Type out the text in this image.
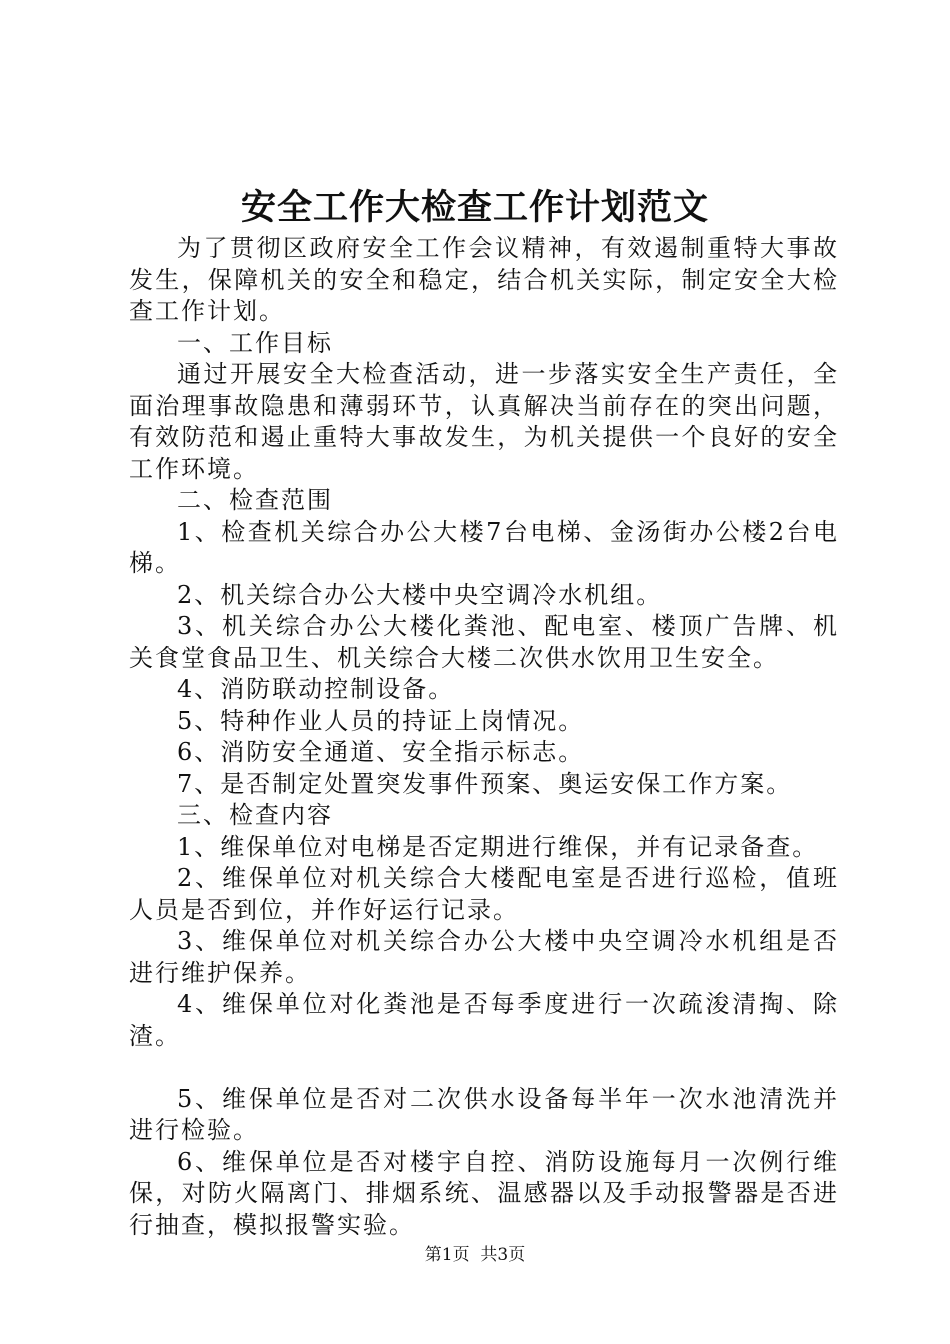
安全工作大检查工作计划范文

为了贯彻区政府安全工作会议精神，有效遏制重特大事故发生，保障机关的安全和稳定，结合机关实际，制定安全大检查工作计划。

一、工作目标

通过开展安全大检查活动，进一步落实安全生产责任，全面治理事故隐患和薄弱环节，认真解决当前存在的突出问题，有效防范和遏止重特大事故发生，为机关提供一个良好的安全工作环境。

二、检查范围

1、检查机关综合办公大楼7台电梯、金汤街办公楼2台电梯。

2、机关综合办公大楼中央空调冷水机组。

3、机关综合办公大楼化粪池、配电室、楼顶广告牌、机关食堂食品卫生、机关综合大楼二次供水饮用卫生安全。

4、消防联动控制设备。

5、特种作业人员的持证上岗情况。

6、消防安全通道、安全指示标志。

7、是否制定处置突发事件预案、奥运安保工作方案。

三、检查内容

1、维保单位对电梯是否定期进行维保，并有记录备查。

2、维保单位对机关综合大楼配电室是否进行巡检，值班人员是否到位，并作好运行记录。

3、维保单位对机关综合办公大楼中央空调冷水机组是否进行维护保养。

4、维保单位对化粪池是否每季度进行一次疏浚清掏、除渣。

5、维保单位是否对二次供水设备每半年一次水池清洗并进行检验。

6、维保单位是否对楼宇自控、消防设施每月一次例行维保，对防火隔离门、排烟系统、温感器以及手动报警器是否进行抽查，模拟报警实验。

第1页  共3页
